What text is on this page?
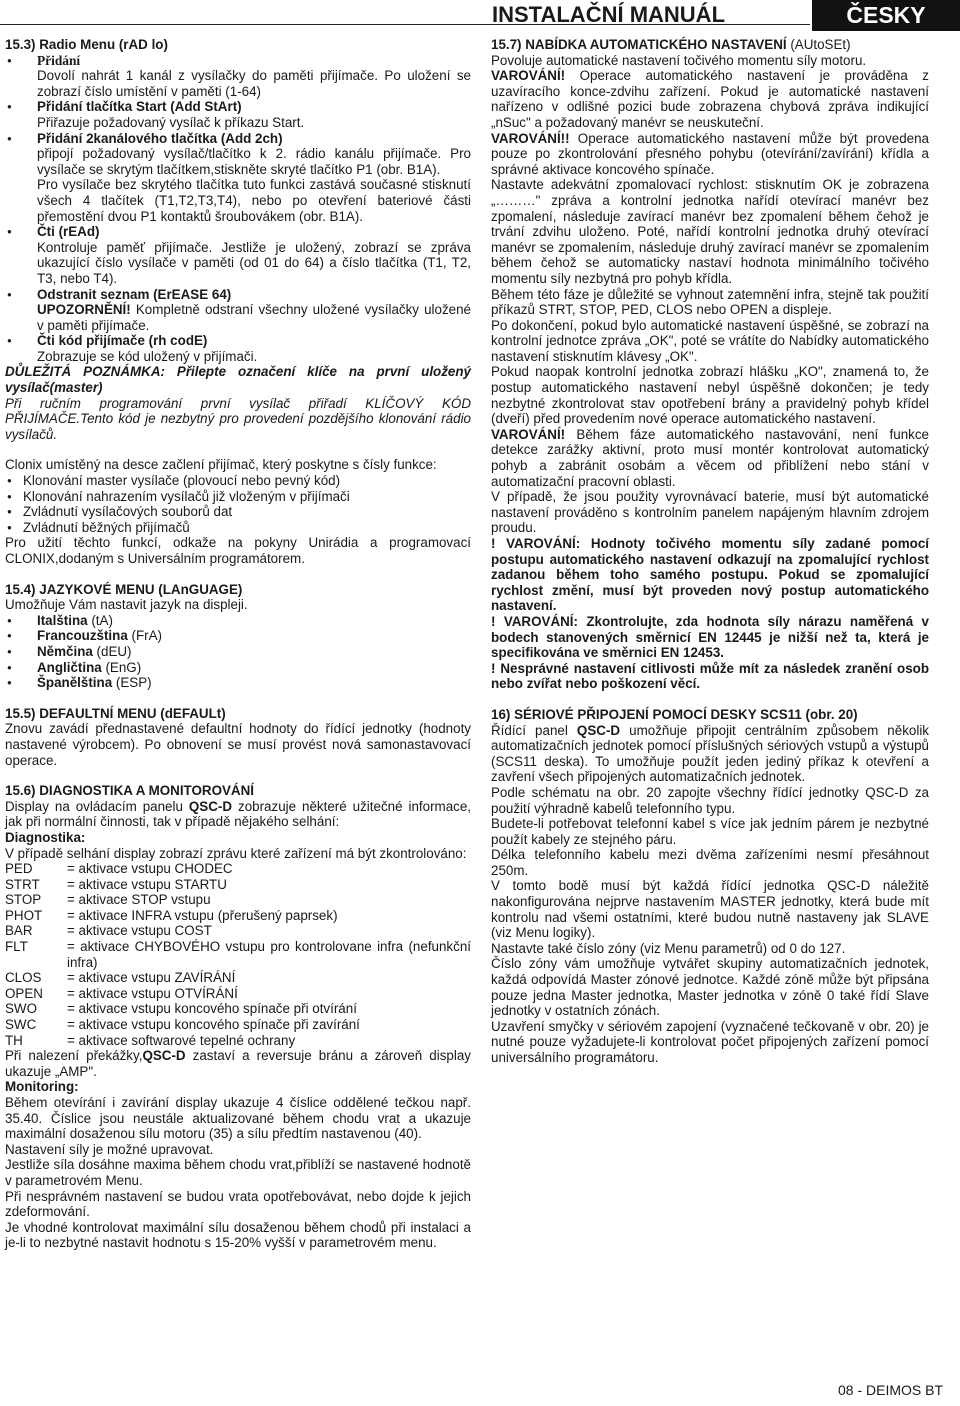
INSTALAČNÍ MANUÁL	ČESKY

15.3) Radio Menu (rAD lo)

● Přidání

Dovolí nahrát 1 kanál z vysílačky do paměti přijímače. Po uložení se zobrazí číslo umístění v paměti (1-64)

● Přidání tlačítka Start (Add StArt)

Přiřazuje požadovaný vysílač k příkazu Start.

● Přidání 2kanálového tlačítka (Add 2ch)

připojí požadovaný vysílač/tlačítko k 2. rádio kanálu přijímače. Pro vysílače se skrytým tlačítkem,stiskněte skryté tlačítko P1 (obr. B1A).

Pro vysílače bez skrytého tlačítka tuto funkci zastává současné stisknutí všech 4 tlačítek (T1,T2,T3,T4), nebo po otevření bateriové části přemostění dvou P1 kontaktů šroubovákem (obr. B1A).

● Čti (rEAd)

Kontroluje paměť přijímače. Jestliže je uložený, zobrazí se zpráva ukazující číslo vysílače v paměti (od 01 do 64) a číslo tlačítka (T1, T2, T3, nebo T4).

● Odstranit seznam (ErEASE 64)

UPOZORNĚNÍ! Kompletně odstraní všechny uložené vysílačky uložené v paměti přijímače.

● Čti kód přijímače (rh codE)

Zobrazuje se kód uložený v přijímači.

DŮLEŽITÁ POZNÁMKA: Přilepte označení klíče na první uložený vysílač(master)

Při ručním programování první vysílač přiřadí KLÍČOVÝ KÓD PŘIJÍMAČE.Tento kód je nezbytný pro provedení pozdějšího klonování rádio vysílačů.

Clonix umístěný na desce začlení přijímač, který poskytne s čísly funkce:

● Klonování master vysílače (plovoucí nebo pevný kód)
● Klonování nahrazením vysílačů již vloženým v přijímači
● Zvládnutí vysílačových souborů dat
● Zvládnutí běžných přijímačů

Pro užití těchto funkcí, odkaže na pokyny Unirádia a programovací CLONIX,dodaným s Universálním programátorem.

15.4) JAZYKOVÉ MENU (LAnGUAGE)

Umožňuje Vám nastavit jazyk na displeji.

● Italština (tA)
● Francouzština (FrA)
● Němčina (dEU)
● Angličtina (EnG)
● Španělština (ESP)

15.5) DEFAULTNÍ MENU (dEFAULt)

Znovu zavádí přednastavené defaultní hodnoty do řídící jednotky (hodnoty nastavené výrobcem). Po obnovení se musí provést nová samonastavovací operace.

15.6) DIAGNOSTIKA A MONITOROVÁNÍ

Display na ovládacím panelu QSC-D zobrazuje některé užitečné informace, jak při normální činnosti, tak v případě nějakého selhání:

Diagnostika:

V případě selhání display zobrazí zprávu které zařízení má být zkontrolováno:

PED	= aktivace vstupu CHODEC
STRT	= aktivace vstupu STARTU
STOP	= aktivace STOP vstupu
PHOT	= aktivace INFRA vstupu (přerušený paprsek)
BAR	= aktivace vstupu COST
FLT	= aktivace CHYBOVÉHO vstupu pro kontrolovane infra (nefunkční infra)
CLOS	= aktivace vstupu ZAVÍRÁNÍ
OPEN	= aktivace vstupu OTVÍRÁNÍ
SWO	= aktivace vstupu koncového spínače při otvírání
SWC	= aktivace vstupu koncového spínače při zavírání
TH	= aktivace softwarové tepelné ochrany

Při nalezení překážky,QSC-D zastaví a reversuje bránu a zároveň display ukazuje „AMP".

Monitoring:

Během otevírání i zavírání display ukazuje 4 číslice oddělené tečkou např. 35.40. Číslice jsou neustále aktualizované během chodu vrat a ukazuje maximální dosaženou sílu motoru (35) a sílu předtím nastavenou (40).

Nastavení síly je možné upravovat.

Jestliže síla dosáhne maxima během chodu vrat,přiblíží se nastavené hodnotě v parametrovém Menu.

Při nesprávném nastavení se budou vrata opotřebovávat, nebo dojde k jejich zdeformování.

Je vhodné kontrolovat maximální sílu dosaženou během chodů při instalaci a je-li to nezbytné nastavit hodnotu s 15-20% vyšší v parametrovém menu.

15.7) NABÍDKA AUTOMATICKÉHO NASTAVENÍ (AUtoSEt)

Povoluje automatické nastavení točivého momentu síly motoru.

VAROVÁNÍ! Operace automatického nastavení je prováděna z uzavíracího konce-zdvihu zařízení. Pokud je automatické nastavení nařízeno v odlišné pozici bude zobrazena chybová zpráva indikující „nSuc" a požadovaný manévr se neuskuteční.

VAROVÁNÍ!! Operace automatického nastavení může být provedena pouze po zkontrolování přesného pohybu (otevírání/zavírání) křídla a správné aktivace koncového spínače.

Nastavte adekvátní zpomalovací rychlost: stisknutím OK je zobrazena „………" zpráva a kontrolní jednotka nařídí otevírací manévr bez zpomalení, následuje zavírací manévr bez zpomalení během čehož je trvání zdvihu uloženo. Poté, nařídí kontrolní jednotka druhý otevírací manévr se zpomalením, následuje druhý zavírací manévr se zpomalením během čehož se automaticky nastaví hodnota minimálního točivého momentu síly nezbytná pro pohyb křídla.

Během této fáze je důležité se vyhnout zatemnění infra, stejně tak použití příkazů STRT, STOP, PED, CLOS nebo OPEN a displeje.

Po dokončení, pokud bylo automatické nastavení úspěšné, se zobrazí na kontrolní jednotce zpráva „OK", poté se vrátíte do Nabídky automatického nastavení stisknutím klávesy „OK".

Pokud naopak kontrolní jednotka zobrazí hlášku „KO", znamená to, že postup automatického nastavení nebyl úspěšně dokončen; je tedy nezbytné zkontrolovat stav opotřebení brány a pravidelný pohyb křídel (dveří) před provedením nové operace automatického nastavení.

VAROVÁNÍ! Během fáze automatického nastavování, není funkce detekce zarážky aktivní, proto musí montér kontrolovat automatický pohyb a zabránit osobám a věcem od přiblížení nebo stání v automatizační pracovní oblasti.

V případě, že jsou použity vyrovnávací baterie, musí být automatické nastavení prováděno s kontrolním panelem napájeným hlavním zdrojem proudu.

! VAROVÁNÍ: Hodnoty točivého momentu síly zadané pomocí postupu automatického nastavení odkazují na zpomalující rychlost zadanou během toho samého postupu. Pokud se zpomalující rychlost změní, musí být proveden nový postup automatického nastavení.

! VAROVÁNÍ: Zkontrolujte, zda hodnota síly nárazu naměřená v bodech stanovených směrnicí EN 12445 je nižší než ta, která je specifikována ve směrnici EN 12453.

! Nesprávné nastavení citlivosti může mít za následek zranění osob nebo zvířat nebo poškození věcí.

16) SÉRIOVÉ PŘIPOJENÍ POMOCÍ DESKY SCS11 (obr. 20)

Řídící panel QSC-D umožňuje připojit centrálním způsobem několik automatizačních jednotek pomocí příslušných sériových vstupů a výstupů (SCS11 deska). To umožňuje použít jeden jediný příkaz k otevření a zavření všech připojených automatizačních jednotek.

Podle schématu na obr. 20 zapojte všechny řídící jednotky QSC-D za použití výhradně kabelů telefonního typu.

Budete-li potřebovat telefonní kabel s více jak jedním párem je nezbytné použít kabely ze stejného páru.

Délka telefonního kabelu mezi dvěma zařízeními nesmí přesáhnout 250m.

V tomto bodě musí být každá řídící jednotka QSC-D náležitě nakonfigurována nejprve nastavením MASTER jednotky, která bude mít kontrolu nad všemi ostatními, které budou nutně nastaveny jak SLAVE (viz Menu logiky).

Nastavte také číslo zóny (viz Menu parametrů) od 0 do 127.

Číslo zóny vám umožňuje vytvářet skupiny automatizačních jednotek, každá odpovídá Master zónové jednotce. Každé zóně může být připsána pouze jedna Master jednotka, Master jednotka v zóně 0 také řídí Slave jednotky v ostatních zónách.

Uzavření smyčky v sériovém zapojení (vyznačené tečkovaně v obr. 20) je nutné pouze vyžadujete-li kontrolovat počet připojených zařízení pomocí universálního programátoru.

08 - DEIMOS BT
